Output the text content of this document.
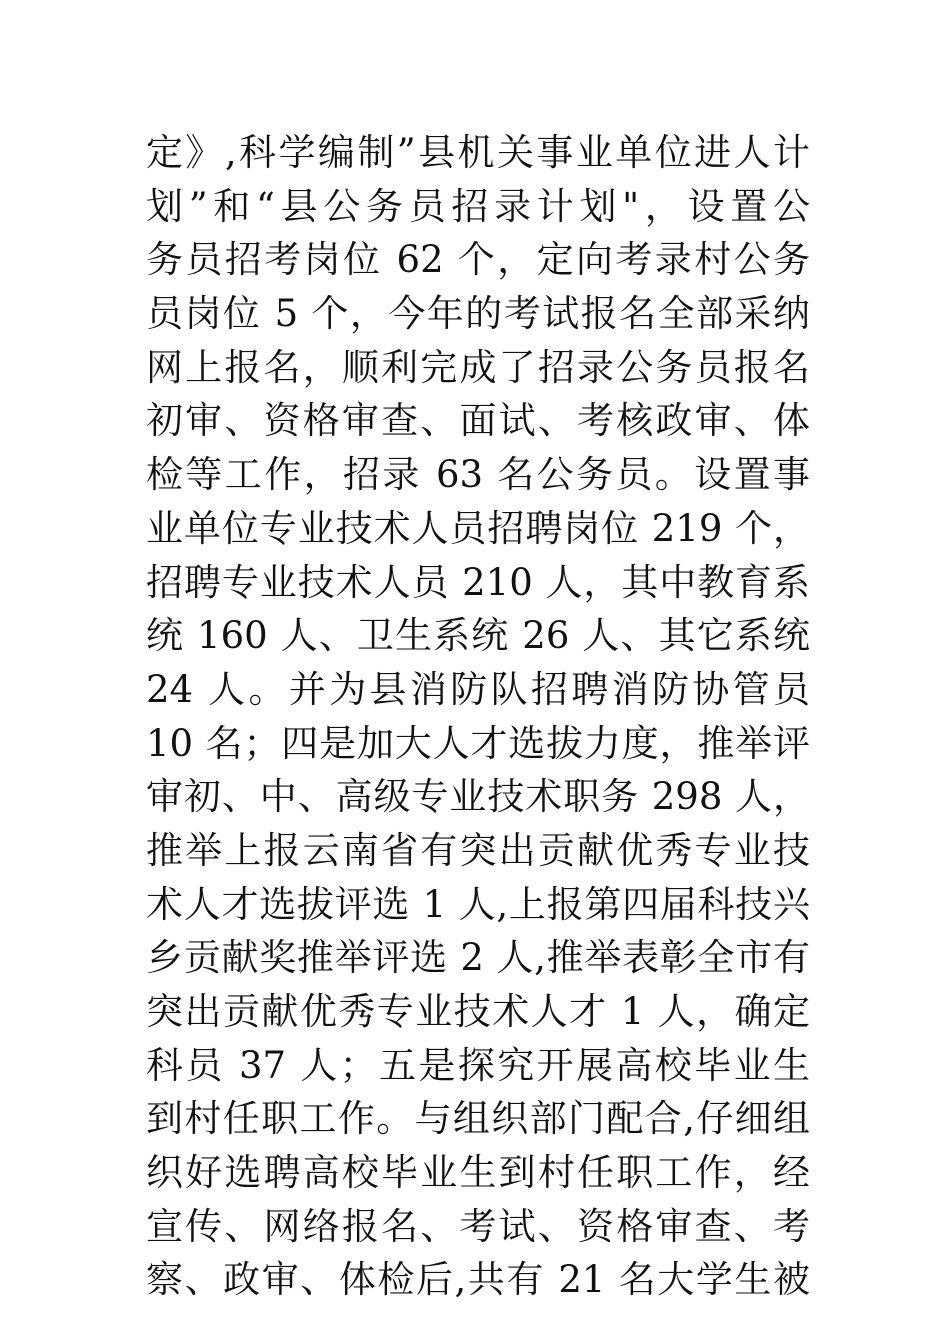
定》,科学编制”县机关事业单位进人计
划”和“县公务员招录计划"，设置公
务员招考岗位 62 个，定向考录村公务
员岗位 5 个，今年的考试报名全部采纳
网上报名，顺利完成了招录公务员报名
初审、资格审查、面试、考核政审、体
检等工作，招录 63 名公务员。设置事
业单位专业技术人员招聘岗位 219 个，
招聘专业技术人员 210 人，其中教育系
统 160 人、卫生系统 26 人、其它系统
24 人。并为县消防队招聘消防协管员
10 名；四是加大人才选拔力度，推举评
审初、中、高级专业技术职务 298 人，
推举上报云南省有突出贡献优秀专业技
术人才选拔评选 1 人,上报第四届科技兴
乡贡献奖推举评选 2 人,推举表彰全市有
突出贡献优秀专业技术人才 1 人，确定
科员 37 人；五是探究开展高校毕业生
到村任职工作。与组织部门配合,仔细组
织好选聘高校毕业生到村任职工作，经
宣传、网络报名、考试、资格审查、考
察、政审、体检后,共有 21 名大学生被
